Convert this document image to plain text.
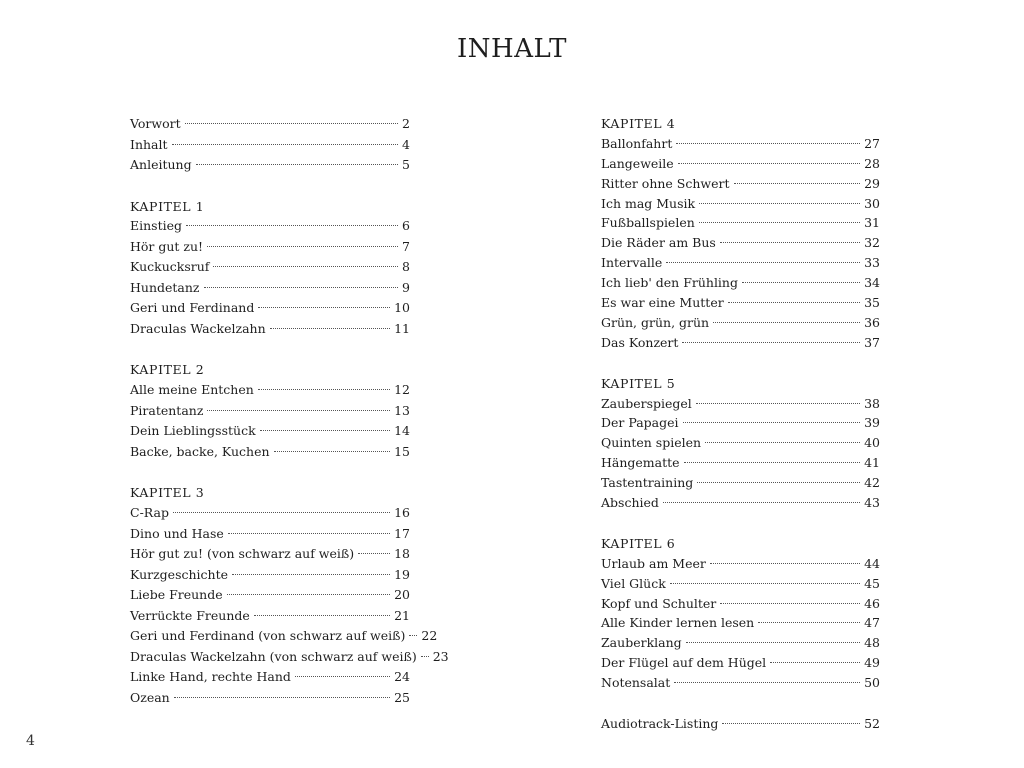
INHALT
Vorwort	2
Inhalt	4
Anleitung	5
KAPITEL 1
Einstieg	6
Hör gut zu!	7
Kuckucksruf	8
Hundetanz	9
Geri und Ferdinand	10
Draculas Wackelzahn	11
KAPITEL 2
Alle meine Entchen	12
Piratentanz	13
Dein Lieblingsstück	14
Backe, backe, Kuchen	15
KAPITEL 3
C-Rap	16
Dino und Hase	17
Hör gut zu! (von schwarz auf weiß)	18
Kurzgeschichte	19
Liebe Freunde	20
Verrückte Freunde	21
Geri und Ferdinand (von schwarz auf weiß) 22
Draculas Wackelzahn (von schwarz auf weiß) 23
Linke Hand, rechte Hand	24
Ozean	25
KAPITEL 4
Ballonfahrt	27
Langeweile	28
Ritter ohne Schwert	29
Ich mag Musik	30
Fußballspielen	31
Die Räder am Bus	32
Intervalle	33
Ich lieb' den Frühling	34
Es war eine Mutter	35
Grün, grün, grün	36
Das Konzert	37
KAPITEL 5
Zauberspiegel	38
Der Papagei	39
Quinten spielen	40
Hängematte	41
Tastentraining	42
Abschied	43
KAPITEL 6
Urlaub am Meer	44
Viel Glück	45
Kopf und Schulter	46
Alle Kinder lernen lesen	47
Zauberklang	48
Der Flügel auf dem Hügel	49
Notensalat	50
Audiotrack-Listing	52
4
